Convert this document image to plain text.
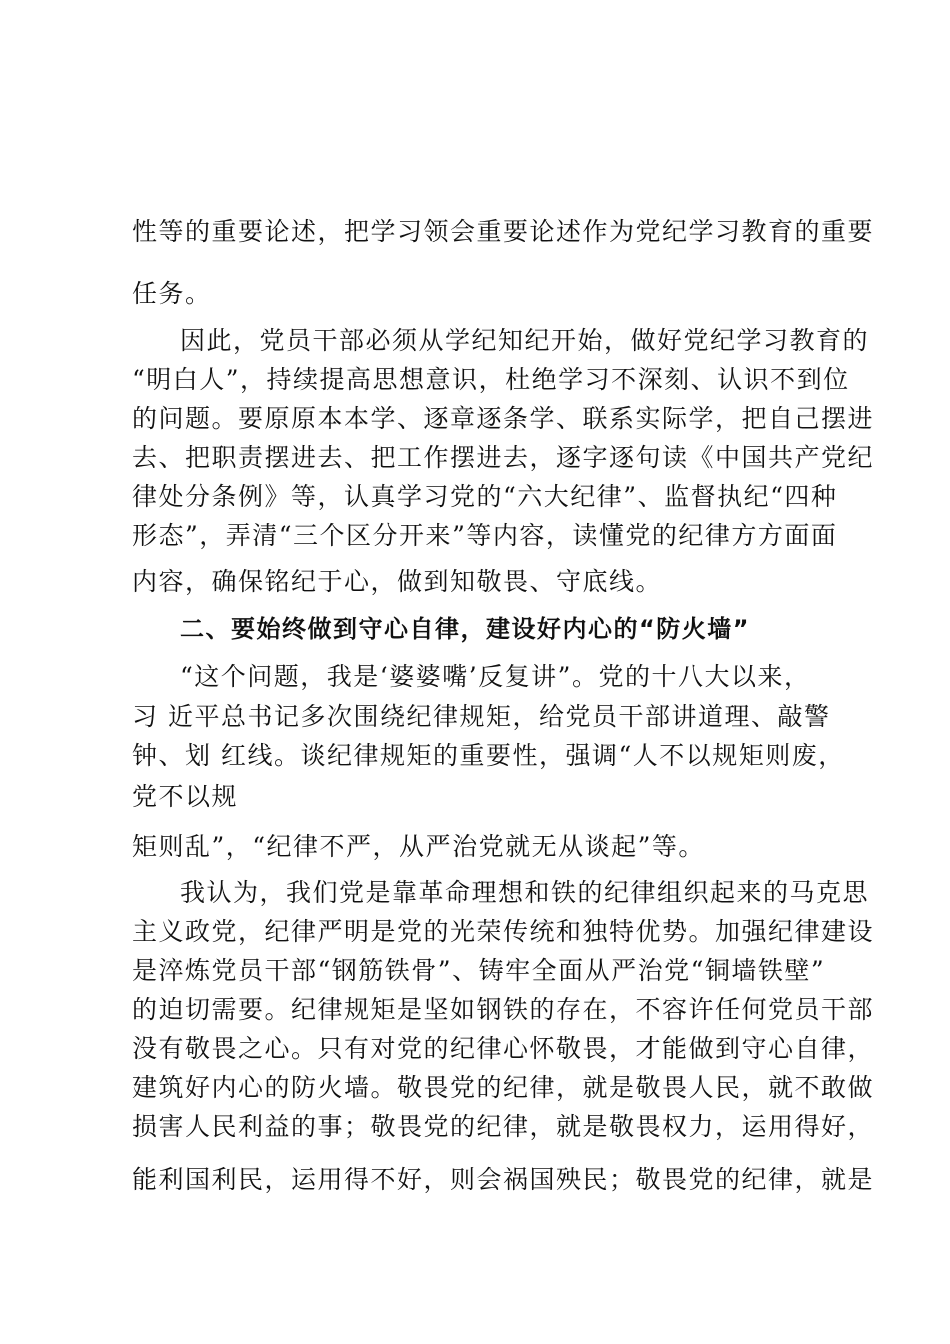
性等的重要论述，把学习领会重要论述作为党纪学习教育的重要
任务。
因此，党员干部必须从学纪知纪开始，做好党纪学习教育的
“明白人”，持续提高思想意识，杜绝学习不深刻、认识不到位
的问题。要原原本本学、逐章逐条学、联系实际学，把自己摆进
去、把职责摆进去、把工作摆进去，逐字逐句读《中国共产党纪
律处分条例》等，认真学习党的“六大纪律”、监督执纪“四种
形态”，弄清“三个区分开来”等内容，读懂党的纪律方方面面
内容，确保铭纪于心，做到知敬畏、守底线。
二、要始终做到守心自律，建设好内心的“防火墙”
“这个问题，我是‘婆婆嘴’反复讲”。党的十八大以来，
习 近平总书记多次围绕纪律规矩，给党员干部讲道理、敲警
钟、划 红线。谈纪律规矩的重要性，强调“人不以规矩则废，
党不以规
矩则乱”，“纪律不严，从严治党就无从谈起”等。
我认为，我们党是靠革命理想和铁的纪律组织起来的马克思
主义政党，纪律严明是党的光荣传统和独特优势。加强纪律建设
是淬炼党员干部“钢筋铁骨”、铸牢全面从严治党“铜墙铁壁”
的迫切需要。纪律规矩是坚如钢铁的存在，不容许任何党员干部
没有敬畏之心。只有对党的纪律心怀敬畏，才能做到守心自律，
建筑好内心的防火墙。敬畏党的纪律，就是敬畏人民，就不敢做
损害人民利益的事；敬畏党的纪律，就是敬畏权力，运用得好，
能利国利民，运用得不好，则会祸国殃民；敬畏党的纪律，就是
